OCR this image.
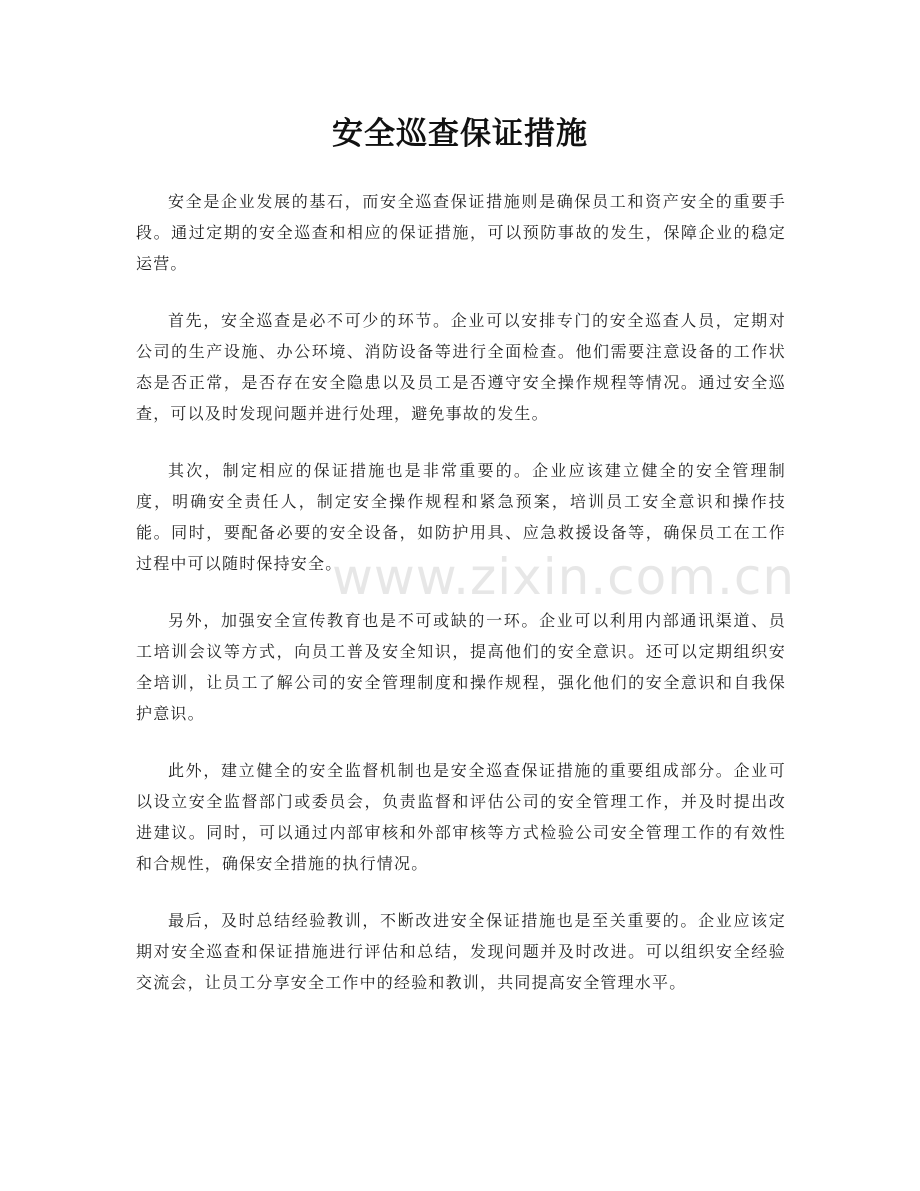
安全巡查保证措施

安全是企业发展的基石，而安全巡查保证措施则是确保员工和资产安全的重要手段。通过定期的安全巡查和相应的保证措施，可以预防事故的发生，保障企业的稳定运营。

首先，安全巡查是必不可少的环节。企业可以安排专门的安全巡查人员，定期对公司的生产设施、办公环境、消防设备等进行全面检查。他们需要注意设备的工作状态是否正常，是否存在安全隐患以及员工是否遵守安全操作规程等情况。通过安全巡查，可以及时发现问题并进行处理，避免事故的发生。

其次，制定相应的保证措施也是非常重要的。企业应该建立健全的安全管理制度，明确安全责任人，制定安全操作规程和紧急预案，培训员工安全意识和操作技能。同时，要配备必要的安全设备，如防护用具、应急救援设备等，确保员工在工作过程中可以随时保持安全。

另外，加强安全宣传教育也是不可或缺的一环。企业可以利用内部通讯渠道、员工培训会议等方式，向员工普及安全知识，提高他们的安全意识。还可以定期组织安全培训，让员工了解公司的安全管理制度和操作规程，强化他们的安全意识和自我保护意识。

此外，建立健全的安全监督机制也是安全巡查保证措施的重要组成部分。企业可以设立安全监督部门或委员会，负责监督和评估公司的安全管理工作，并及时提出改进建议。同时，可以通过内部审核和外部审核等方式检验公司安全管理工作的有效性和合规性，确保安全措施的执行情况。

最后，及时总结经验教训，不断改进安全保证措施也是至关重要的。企业应该定期对安全巡查和保证措施进行评估和总结，发现问题并及时改进。可以组织安全经验交流会，让员工分享安全工作中的经验和教训，共同提高安全管理水平。

www.zixin.com.cn
